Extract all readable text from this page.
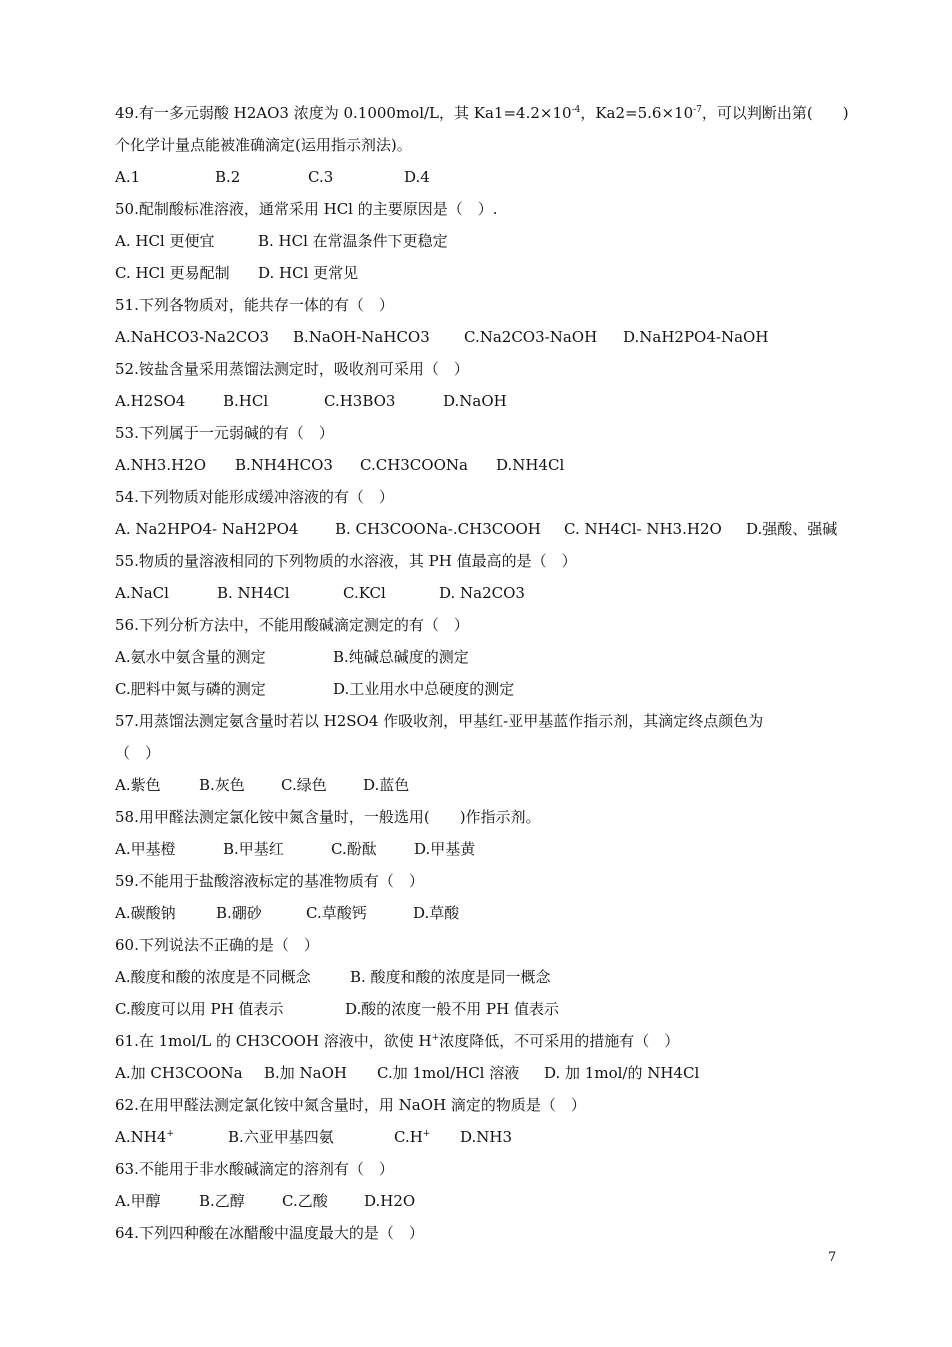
49.有一多元弱酸 H2AO3 浓度为 0.1000mol/L，其 $Ka1=4.2\times 10^{-4}$，$Ka2=5.6\times 10^{-7}$，可以判断出第(　　)
个化学计量点能被准确滴定(运用指示剂法)。
A.1	B.2	C.3	D.4
50.配制酸标准溶液，通常采用 HCl 的主要原因是（　）.
A. HCl 更便宜	B. HCl 在常温条件下更稳定
C. HCl 更易配制	D. HCl 更常见
51.下列各物质对，能共存一体的有（　）
A.NaHCO3-Na2CO3	B.NaOH-NaHCO3	C.Na2CO3-NaOH	D.NaH2PO4-NaOH
52.铵盐含量采用蒸馏法测定时，吸收剂可采用（　）
A.H2SO4	B.HCl	C.H3BO3	D.NaOH
53.下列属于一元弱碱的有（　）
A.NH3.H2O	B.NH4HCO3	C.CH3COONa	D.NH4Cl
54.下列物质对能形成缓冲溶液的有（　）
A. Na2HPO4- NaH2PO4	B. CH3COONa-.CH3COOH	C. NH4Cl- NH3.H2O	D.强酸、强碱
55.物质的量溶液相同的下列物质的水溶液，其 PH 值最高的是（　）
A.NaCl	B. NH4Cl	C.KCl	D. Na2CO3
56.下列分析方法中，不能用酸碱滴定测定的有（　）
A.氨水中氨含量的测定	B.纯碱总碱度的测定
C.肥料中氮与磷的测定	D.工业用水中总硬度的测定
57.用蒸馏法测定氨含量时若以 H2SO4 作吸收剂，甲基红-亚甲基蓝作指示剂，其滴定终点颜色为
（　）
A.紫色	B.灰色	C.绿色	D.蓝色
58.用甲醛法测定氯化铵中氮含量时，一般选用(　　)作指示剂。
A.甲基橙	B.甲基红	C.酚酞	D.甲基黄
59.不能用于盐酸溶液标定的基准物质有（　）
A.碳酸钠	B.硼砂	C.草酸钙	D.草酸
60.下列说法不正确的是（　）
A.酸度和酸的浓度是不同概念	B. 酸度和酸的浓度是同一概念
C.酸度可以用 PH 值表示	D.酸的浓度一般不用 PH 值表示
61.在 1mol/L 的 CH3COOH 溶液中，欲使 H+浓度降低，不可采用的措施有（　）
A.加 CH3COONa	B.加 NaOH	C.加 1mol/HCl 溶液	D. 加 1mol/的 NH4Cl
62.在用甲醛法测定氯化铵中氮含量时，用 NaOH 滴定的物质是（　）
A.NH4+	B.六亚甲基四氨	C.H+	D.NH3
63.不能用于非水酸碱滴定的溶剂有（　）
A.甲醇	B.乙醇	C.乙酸	D.H2O
64.下列四种酸在冰醋酸中温度最大的是（　）
7
